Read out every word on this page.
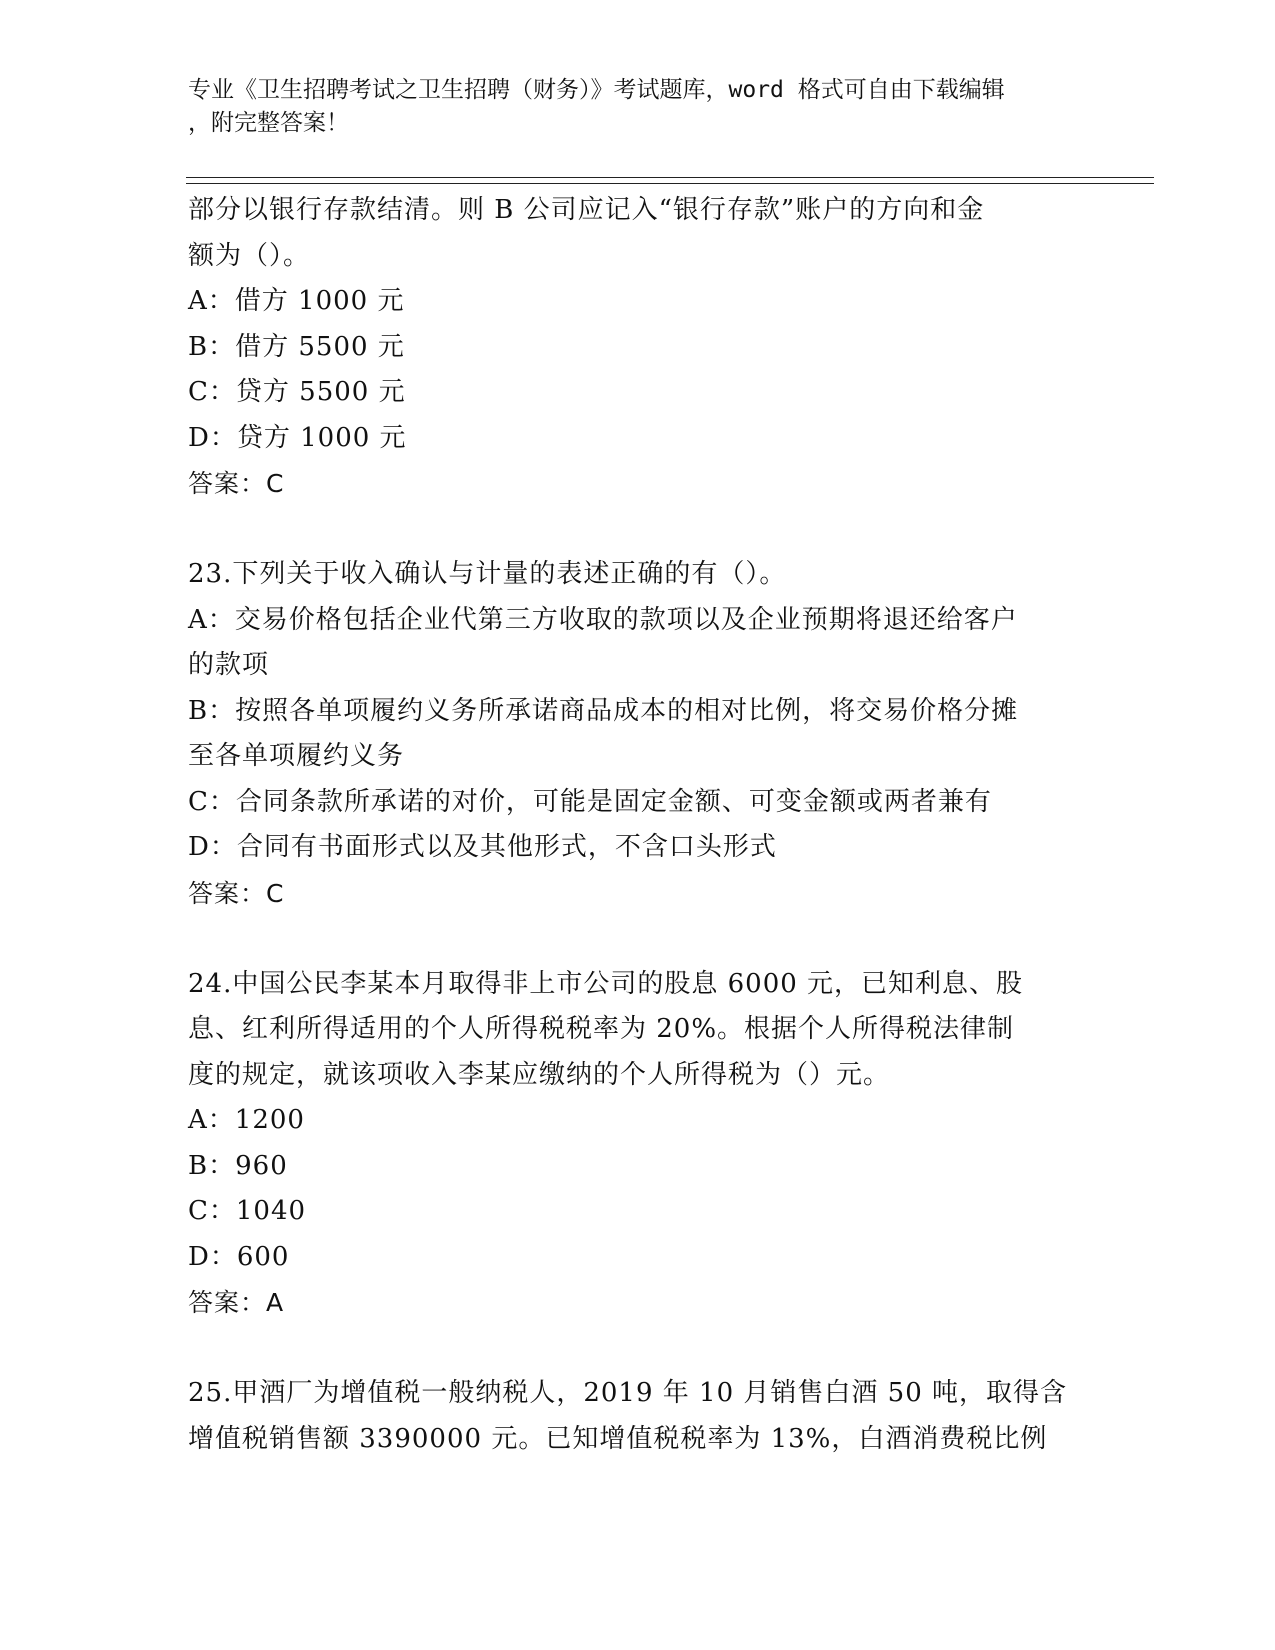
专业《卫生招聘考试之卫生招聘（财务）》考试题库，word 格式可自由下载编辑
，附完整答案！
部分以银行存款结清。则 B 公司应记入“银行存款”账户的方向和金
额为（）。
A：借方 1000 元
B：借方 5500 元
C：贷方 5500 元
D：贷方 1000 元
答案：C
23.下列关于收入确认与计量的表述正确的有（）。
A：交易价格包括企业代第三方收取的款项以及企业预期将退还给客户
的款项
B：按照各单项履约义务所承诺商品成本的相对比例，将交易价格分摊
至各单项履约义务
C：合同条款所承诺的对价，可能是固定金额、可变金额或两者兼有
D：合同有书面形式以及其他形式，不含口头形式
答案：C
24.中国公民李某本月取得非上市公司的股息 6000 元，已知利息、股
息、红利所得适用的个人所得税税率为 20%。根据个人所得税法律制
度的规定，就该项收入李某应缴纳的个人所得税为（）元。
A：1200
B：960
C：1040
D：600
答案：A
25.甲酒厂为增值税一般纳税人，2019 年 10 月销售白酒 50 吨，取得含
增值税销售额 3390000 元。已知增值税税率为 13%，白酒消费税比例
